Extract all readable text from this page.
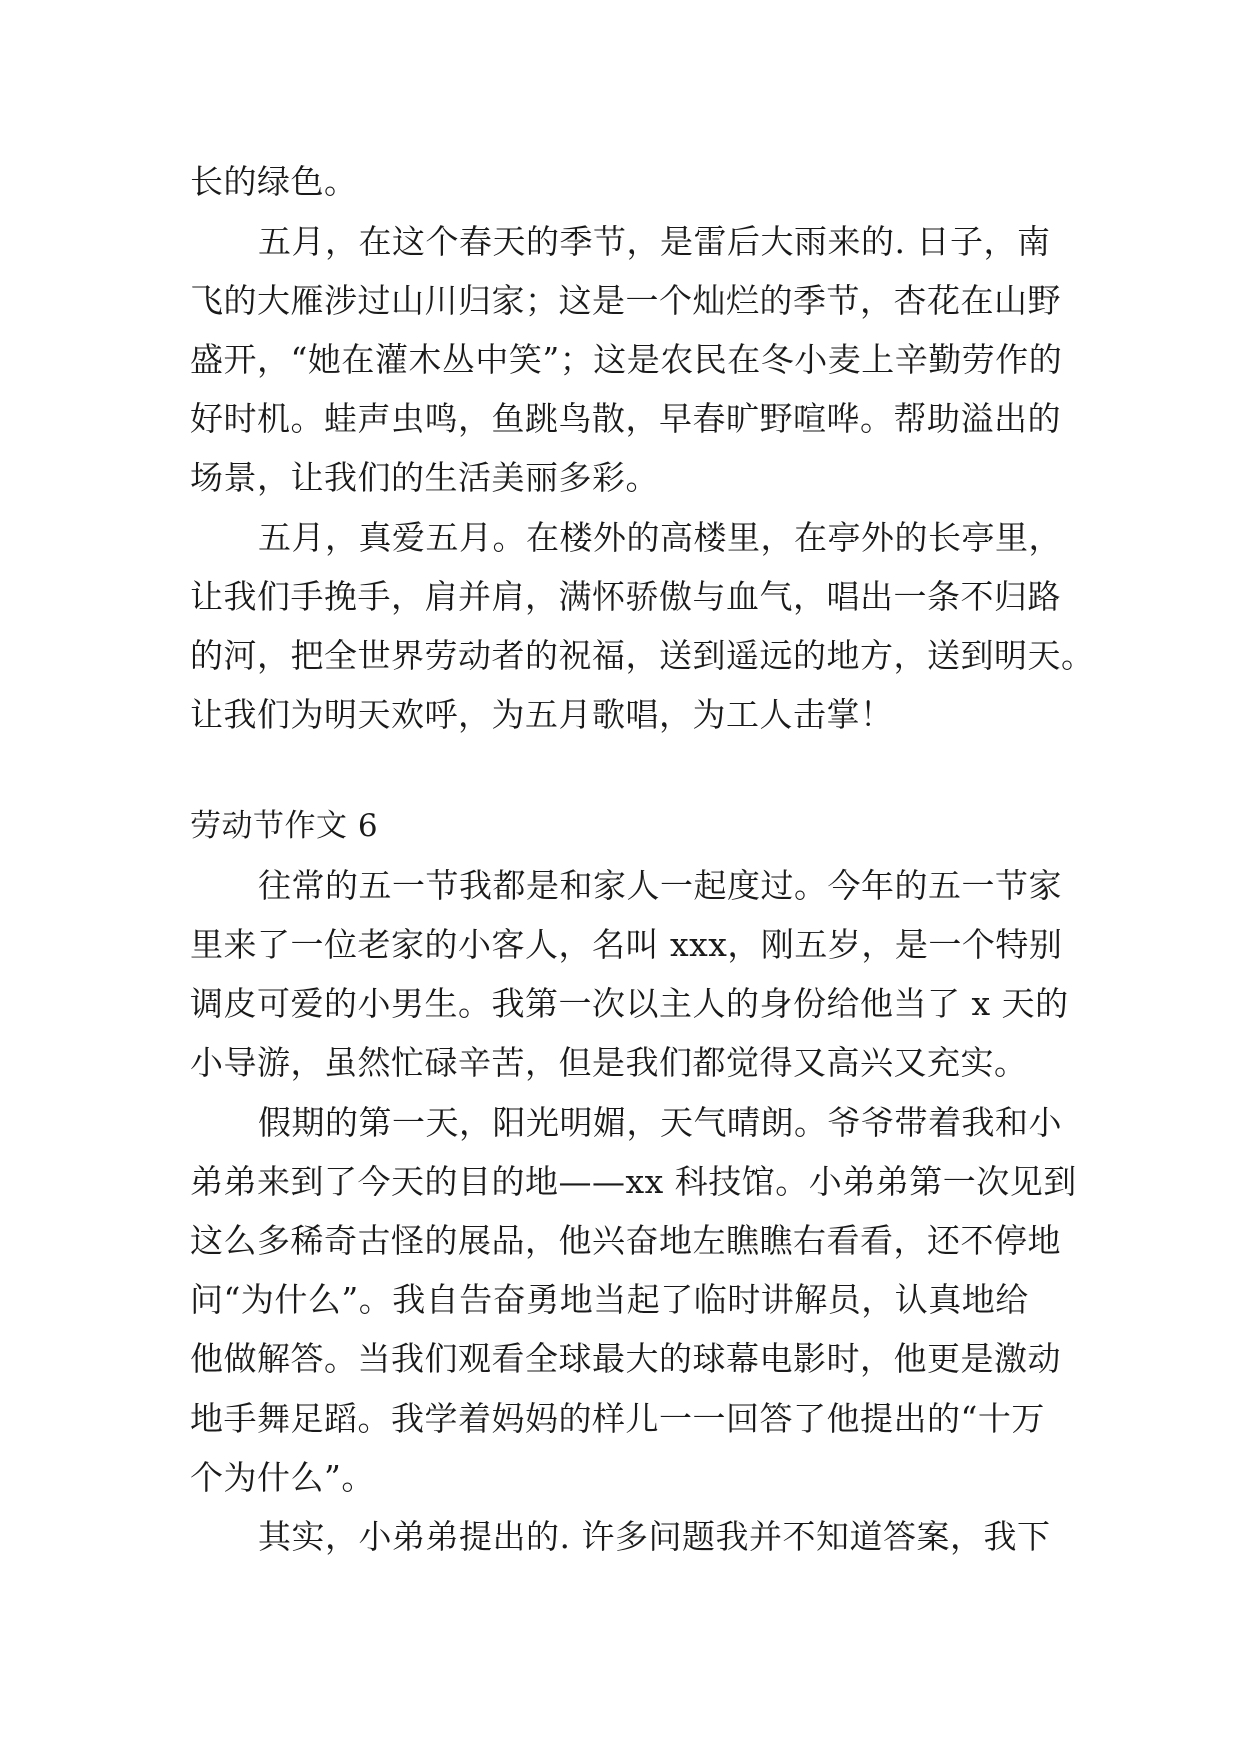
长的绿色。
五月，在这个春天的季节，是雷后大雨来的. 日子，南
飞的大雁涉过山川归家；这是一个灿烂的季节，杏花在山野
盛开，“她在灌木丛中笑”；这是农民在冬小麦上辛勤劳作的
好时机。蛙声虫鸣，鱼跳鸟散，早春旷野喧哗。帮助溢出的
场景，让我们的生活美丽多彩。
五月，真爱五月。在楼外的高楼里，在亭外的长亭里，
让我们手挽手，肩并肩，满怀骄傲与血气，唱出一条不归路
的河，把全世界劳动者的祝福，送到遥远的地方，送到明天。
让我们为明天欢呼，为五月歌唱，为工人击掌！
劳动节作文 6
往常的五一节我都是和家人一起度过。今年的五一节家
里来了一位老家的小客人，名叫 xxx，刚五岁，是一个特别
调皮可爱的小男生。我第一次以主人的身份给他当了 x 天的
小导游，虽然忙碌辛苦，但是我们都觉得又高兴又充实。
假期的第一天，阳光明媚，天气晴朗。爷爷带着我和小
弟弟来到了今天的目的地——xx 科技馆。小弟弟第一次见到
这么多稀奇古怪的展品，他兴奋地左瞧瞧右看看，还不停地
问“为什么”。我自告奋勇地当起了临时讲解员，认真地给
他做解答。当我们观看全球最大的球幕电影时，他更是激动
地手舞足蹈。我学着妈妈的样儿一一回答了他提出的“十万
个为什么”。
其实，小弟弟提出的. 许多问题我并不知道答案，我下
